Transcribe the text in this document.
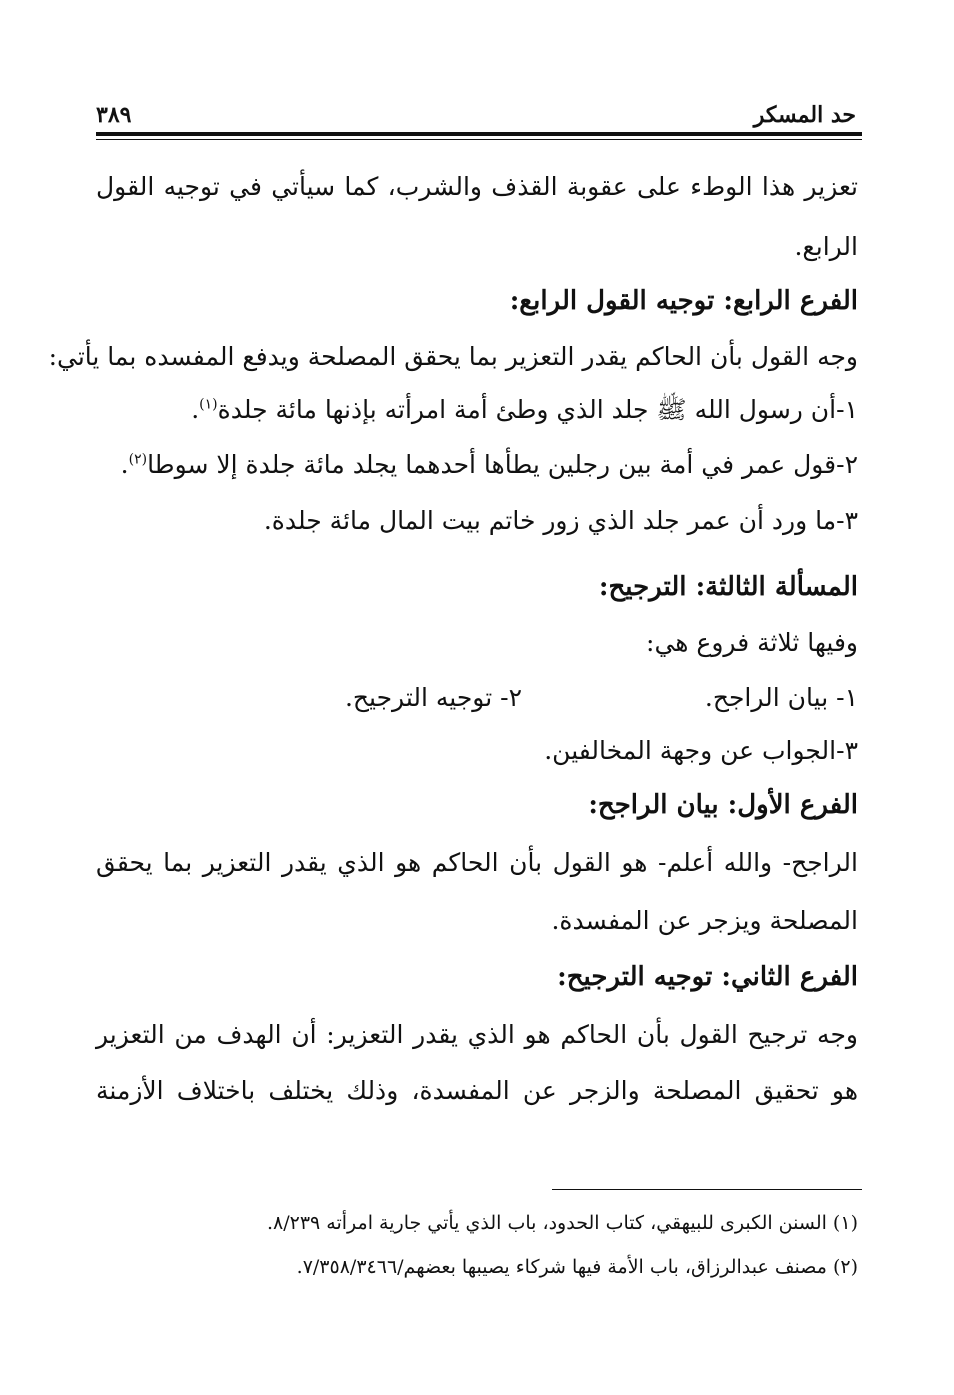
حد المسكر
٣٨٩
تعزير هذا الوطء على عقوبة القذف والشرب، كما سيأتي في توجيه القول
الرابع.
الفرع الرابع: توجيه القول الرابع:
وجه القول بأن الحاكم يقدر التعزير بما يحقق المصلحة ويدفع المفسده بما يأتي:
١-أن رسول الله ﷺ جلد الذي وطئ أمة امرأته بإذنها مائة جلدة$^{(١)}$.
٢-قول عمر في أمة بين رجلين يطأها أحدهما يجلد مائة جلدة إلا سوطا$^{(٢)}$.
٣-ما ورد أن عمر جلد الذي زور خاتم بيت المال مائة جلدة.
المسألة الثالثة: الترجيح:
وفيها ثلاثة فروع هي:
١- بيان الراجح.
٢- توجيه الترجيح.
٣-الجواب عن وجهة المخالفين.
الفرع الأول: بيان الراجح:
الراجح- والله أعلم- هو القول بأن الحاكم هو الذي يقدر التعزير بما يحقق
المصلحة ويزجر عن المفسدة.
الفرع الثاني: توجيه الترجيح:
وجه ترجيح القول بأن الحاكم هو الذي يقدر التعزير: أن الهدف من التعزير
هو تحقيق المصلحة والزجر عن المفسدة، وذلك يختلف باختلاف الأزمنة
(١) السنن الكبرى للبيهقي، كتاب الحدود، باب الذي يأتي جارية امرأته ٨/٢٣٩.
(٢) مصنف عبدالرزاق، باب الأمة فيها شركاء يصيبها بعضهم/٧/٣٥٨/٣٤٦٦.
